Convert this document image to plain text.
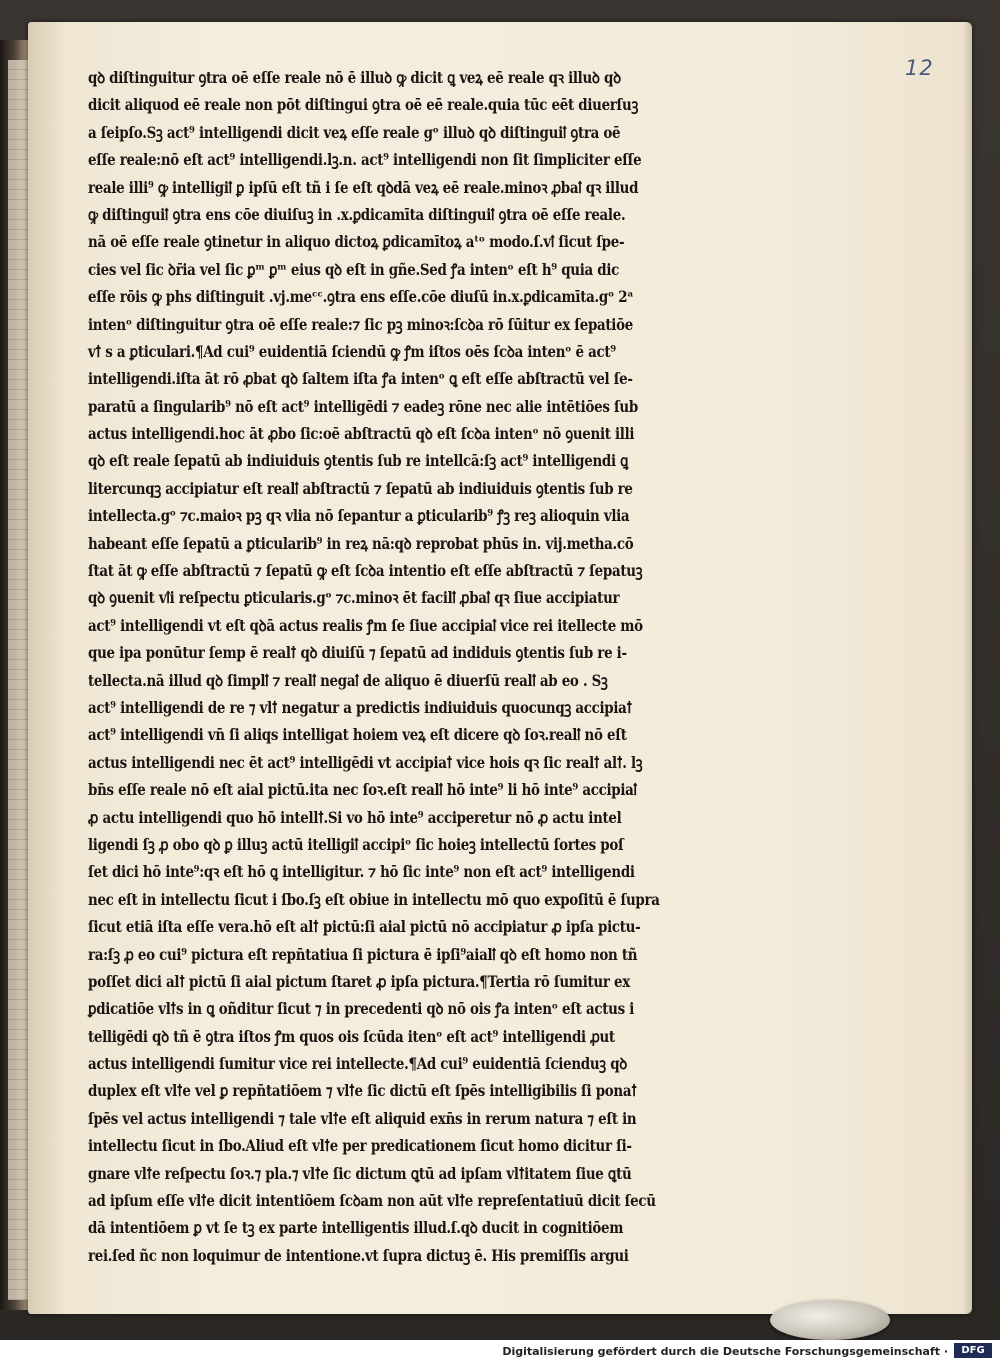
12
qꝺ diſtinguitur ꝯtra oē eſſe reale nō ē illuꝺ ꝙ dicit ꝗ veꝝ eē reale qꝛ illuꝺ qꝺ
dicit aliquod eē reale non pōt diſtingui ꝯtra oē eē reale.quia tūc eēt diuerſuꝫ
a ſeipſo.Sꝫ act⁹ intelligendi dicit veꝝ eſſe reale gᵒ illuꝺ qꝺ diſtinguiꝉ ꝯtra oē
eſſe reale:nō eſt act⁹ intelligendi.lꝫ.n. act⁹ intelligendi non ſit ſimpliciter eſſe
reale illi⁹ ꝙ intelligiꝉ ꝑ ipſū eſt tñ i ſe eſt qꝺdā veꝝ eē reale.minoꝛ ꝓbaꝉ qꝛ illud
ꝙ diſtinguiꝉ ꝯtra ens cōe diuiſuꝫ in .x.ꝑdicamīta diſtinguiꝉ ꝯtra oē eſſe reale.
nā oē eſſe reale ꝯtinetur in aliquo dictoꝝ ꝑdicamītoꝝ aᵗᵒ modo.ſ.vꝉ ſicut ſpe-
cies vel ſic ꝺr̄ia vel ſic ꝑᵐ ꝑᵐ eius qꝺ eſt in gñe.Sed ꝭa intenᵒ eſt h⁹ quia dic
eſſe rōis ꝙ phs diſtinguit .vj.meᶜᶜ.ꝯtra ens eſſe.cōe diuſū in.x.ꝑdicamīta.gᵒ 2ᵃ
intenᵒ diſtinguitur ꝯtra oē eſſe reale:⁊ ſic pꝫ minoꝛ:ſcꝺa rō ſūitur ex ſepatiōe
vꝉ s a ꝑticulari.¶Ad cui⁹ euidentiā ſciendū ꝙ ꝭm iſtos oēs ſcꝺa intenᵒ ē act⁹
intelligendi.iſta āt rō ꝓbat qꝺ ſaltem iſta ꝭa intenᵒ ꝗ eſt eſſe abſtractū vel ſe-
paratū a ſingularib⁹ nō eſt act⁹ intelligēdi ⁊ eadeꝫ rōne nec alie intētiōes ſub
actus intelligendi.hoc āt ꝓbo ſic:oē abſtractū qꝺ eſt ſcꝺa intenᵒ nō ꝯuenit illi
qꝺ eſt reale ſepatū ab indiuiduis ꝯtentis ſub re intellcā:ſꝫ act⁹ intelligendi ꝗ
litercunqꝫ accipiatur eſt realꝉ abſtractū ⁊ ſepatū ab indiuiduis ꝯtentis ſub re
intellecta.gᵒ ⁊c.maioꝛ pꝫ qꝛ vlia nō ſepantur a ꝑticularib⁹ ꝭꝫ reꝫ alioquin vlia
habeant eſſe ſepatū a ꝑticularib⁹ in reꝝ nā:qꝺ reprobat phūs in. vij.metha.cō
ſtat āt ꝙ eſſe abſtractū ⁊ ſepatū ꝙ eſt ſcꝺa intentio eſt eſſe abſtractū ⁊ ſepatuꝫ
qꝺ ꝯuenit vꝉi reſpectu ꝑticularis.gᵒ ⁊c.minoꝛ ēt facilꝉ ꝓbaꝉ qꝛ ſiue accipiatur
act⁹ intelligendi vt eſt qꝺā actus realis ꝭm ſe ſiue accipiaꝉ vice rei itellecte mō
que ipa ponūtur ſemp ē realꝉ qꝺ diuiſū ⁊ ſepatū ad indiduis ꝯtentis ſub re i-
tellecta.nā illud qꝺ ſimplꝉ ⁊ realꝉ negaꝉ de aliquo ē diuerſū realꝉ ab eo . Sꝫ
act⁹ intelligendi de re ⁊ vlꝉ negatur a predictis indiuiduis quocunqꝫ accipiaꝉ
act⁹ intelligendi vn̄ ſi aliqs intelligat hoiem veꝝ eſt dicere qꝺ ſoꝛ.realꝉ nō eſt
actus intelligendi nec ēt act⁹ intelligēdi vt accipiaꝉ vice hois qꝛ ſic realꝉ alꝉ. lꝫ
bn̄s eſſe reale nō eſt aial pictū.ita nec ſoꝛ.eſt realꝉ hō inte⁹ li hō inte⁹ accipiaꝉ
ꝓ actu intelligendi quo hō intellꝉ.Si vo hō inte⁹ acciperetur nō ꝓ actu intel
ligendi ſꝫ ꝓ obo qꝺ ꝑ illuꝫ actū itelligiꝉ accipiᵒ ſic hoieꝫ intellectū ſortes poſ
ſet dici hō inte⁹:qꝛ eſt hō ꝗ intelligitur. ⁊ hō ſic inte⁹ non eſt act⁹ intelligendi
nec eſt in intellectu ſicut i ſbo.ſꝫ eſt obiue in intellectu mō quo expoſitū ē ſupra
ſicut etiā iſta eſſe vera.hō eſt alꝉ pictū:ſi aial pictū nō accipiatur ꝓ ipſa pictu-
ra:ſꝫ ꝓ eo cui⁹ pictura eſt repn̄tatiua ſi pictura ē ipſi⁹aialꝉ qꝺ eſt homo non tñ
poſſet dici alꝉ pictū ſi aial pictum ſtaret ꝓ ipſa pictura.¶Tertia rō ſumitur ex
ꝑdicatiōe vlꝉs in ꝗ oñditur ſicut ⁊ in precedenti qꝺ nō ois ꝭa intenᵒ eſt actus i
telligēdi qꝺ tñ ē ꝯtra iſtos ꝭm quos ois ſcūda itenᵒ eſt act⁹ intelligendi ꝓut
actus intelligendi ſumitur vice rei intellecte.¶Ad cui⁹ euidentiā ſcienduꝫ qꝺ
duplex eſt vlꝉe vel ꝑ repn̄tatiōem ⁊ vlꝉe ſic dictū eſt ſpēs intelligibilis ſi ponaꝉ
ſpēs vel actus intelligendi ⁊ tale vlꝉe eſt aliquid exn̄s in rerum natura ⁊ eſt in
intellectu ſicut in ſbo.Aliud eſt vlꝉe per predicationem ſicut homo dicitur ſi-
gnare vlꝉe reſpectu ſoꝛ.⁊ pla.⁊ vlꝉe ſic dictum ꝗtū ad ipſam vlꝉitatem ſiue ꝗtū
ad ipſum eſſe vlꝉe dicit intentiōem ſcꝺam non aūt vlꝉe repreſentatiuū dicit ſecū
dā intentiōem ꝑ vt ſe tꝫ ex parte intelligentis illud.ſ.qꝺ ducit in cognitiōem
rei.ſed ñc non loquimur de intentione.vt ſupra dictuꝫ ē. His premiſſis argui
Digitalisierung gefördert durch die Deutsche Forschungsgemeinschaft ·	DFG
